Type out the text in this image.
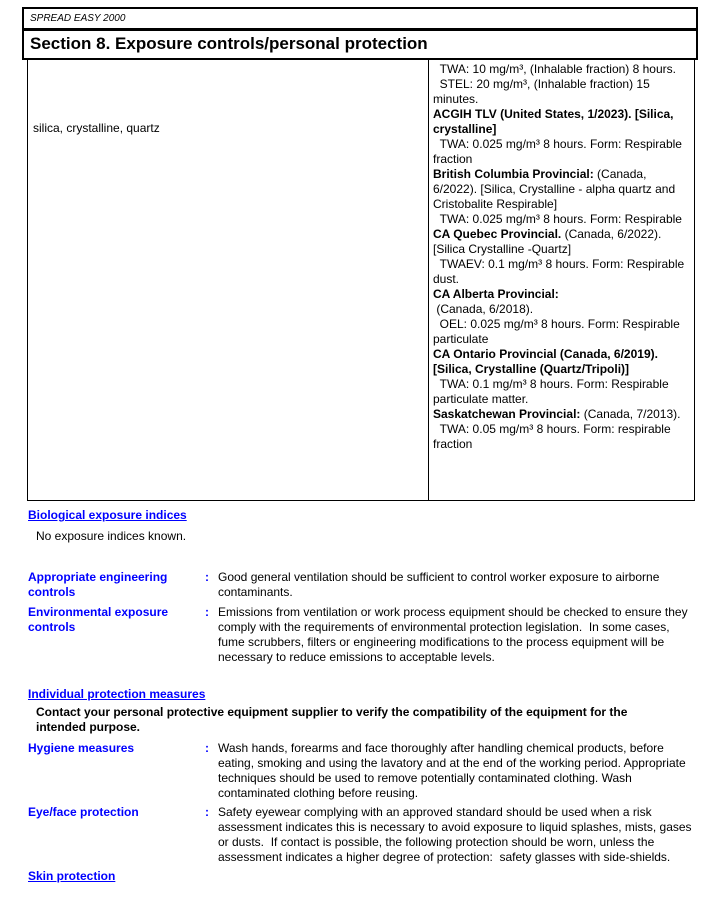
SPREAD EASY 2000
Section 8. Exposure controls/personal protection
silica, crystalline, quartz

TWA: 10 mg/m³, (Inhalable fraction) 8 hours.

STEL: 20 mg/m³, (Inhalable fraction) 15 minutes.

ACGIH TLV (United States, 1/2023). [Silica, crystalline]

TWA: 0.025 mg/m³ 8 hours. Form: Respirable fraction

British Columbia Provincial: (Canada, 6/2022). [Silica, Crystalline - alpha quartz and Cristobalite Respirable]

TWA: 0.025 mg/m³ 8 hours. Form: Respirable

CA Quebec Provincial. (Canada, 6/2022). [Silica Crystalline -Quartz]

TWAEV: 0.1 mg/m³ 8 hours. Form: Respirable dust.

CA Alberta Provincial:

(Canada, 6/2018).

OEL: 0.025 mg/m³ 8 hours. Form: Respirable particulate

CA Ontario Provincial (Canada, 6/2019). [Silica, Crystalline (Quartz/Tripoli)]

TWA: 0.1 mg/m³ 8 hours. Form: Respirable particulate matter.

Saskatchewan Provincial: (Canada, 7/2013).

TWA: 0.05 mg/m³ 8 hours. Form: respirable fraction

Biological exposure indices
No exposure indices known.
Appropriate engineering controls
: Good general ventilation should be sufficient to control worker exposure to airborne contaminants.
Environmental exposure controls
: Emissions from ventilation or work process equipment should be checked to ensure they comply with the requirements of environmental protection legislation.  In some cases, fume scrubbers, filters or engineering modifications to the process equipment will be necessary to reduce emissions to acceptable levels.
Individual protection measures
Contact your personal protective equipment supplier to verify the compatibility of the equipment for the intended purpose.
Hygiene measures	: Wash hands, forearms and face thoroughly after handling chemical products, before eating, smoking and using the lavatory and at the end of the working period. Appropriate techniques should be used to remove potentially contaminated clothing. Wash contaminated clothing before reusing.
Eye/face protection	: Safety eyewear complying with an approved standard should be used when a risk assessment indicates this is necessary to avoid exposure to liquid splashes, mists, gases or dusts.  If contact is possible, the following protection should be worn, unless the assessment indicates a higher degree of protection:  safety glasses with side-shields.
Skin protection
